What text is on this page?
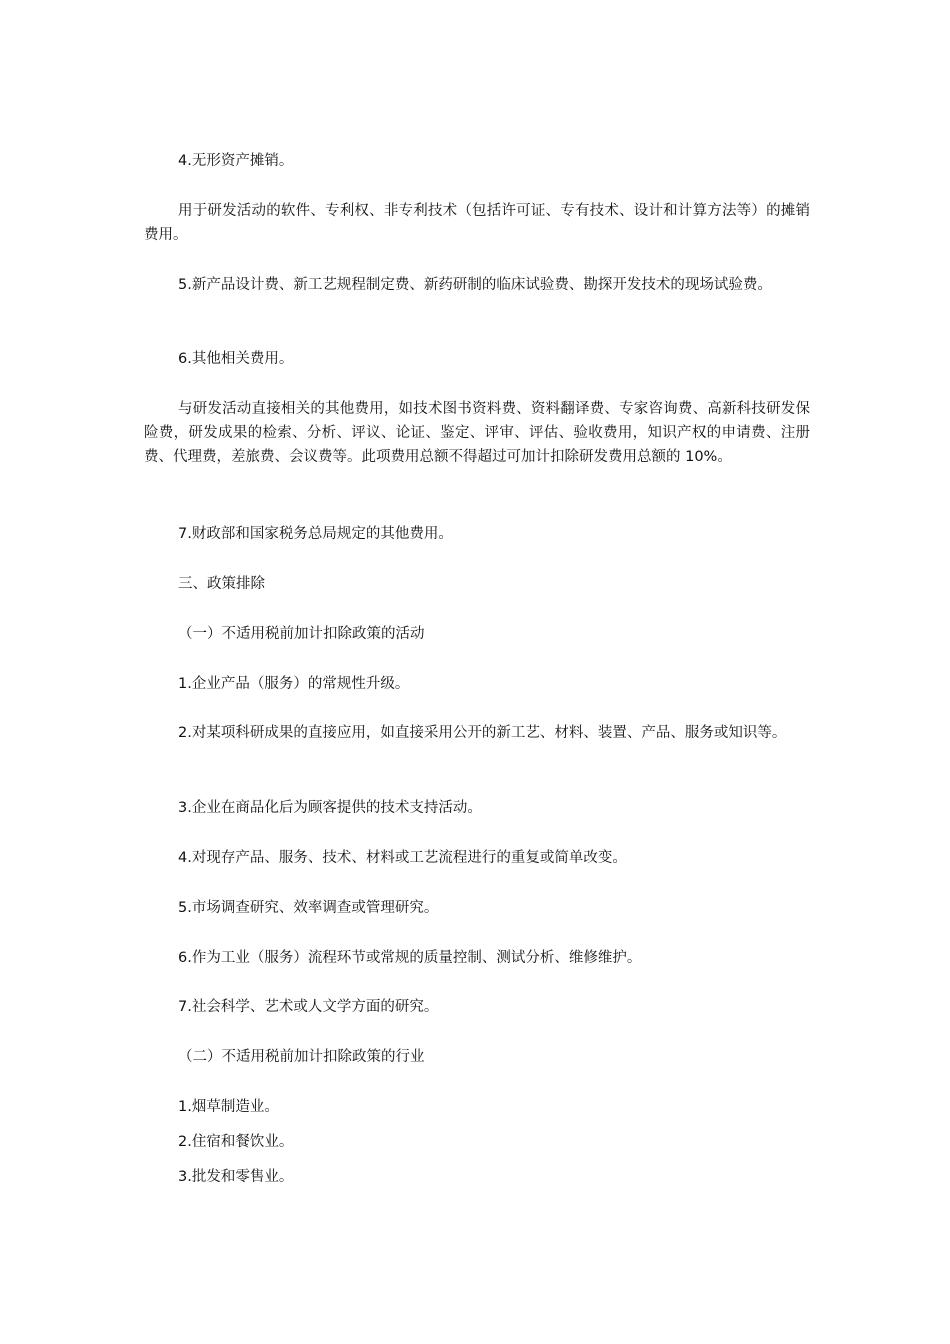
4.无形资产摊销。

用于研发活动的软件、专利权、非专利技术（包括许可证、专有技术、设计和计算方法等）的摊销费用。

5.新产品设计费、新工艺规程制定费、新药研制的临床试验费、勘探开发技术的现场试验费。

6.其他相关费用。

与研发活动直接相关的其他费用，如技术图书资料费、资料翻译费、专家咨询费、高新科技研发保险费，研发成果的检索、分析、评议、论证、鉴定、评审、评估、验收费用，知识产权的申请费、注册费、代理费，差旅费、会议费等。此项费用总额不得超过可加计扣除研发费用总额的 10%。

7.财政部和国家税务总局规定的其他费用。

三、政策排除

（一）不适用税前加计扣除政策的活动

1.企业产品（服务）的常规性升级。

2.对某项科研成果的直接应用，如直接采用公开的新工艺、材料、装置、产品、服务或知识等。

3.企业在商品化后为顾客提供的技术支持活动。

4.对现存产品、服务、技术、材料或工艺流程进行的重复或简单改变。

5.市场调查研究、效率调查或管理研究。

6.作为工业（服务）流程环节或常规的质量控制、测试分析、维修维护。

7.社会科学、艺术或人文学方面的研究。

（二）不适用税前加计扣除政策的行业

1.烟草制造业。

2.住宿和餐饮业。

3.批发和零售业。
